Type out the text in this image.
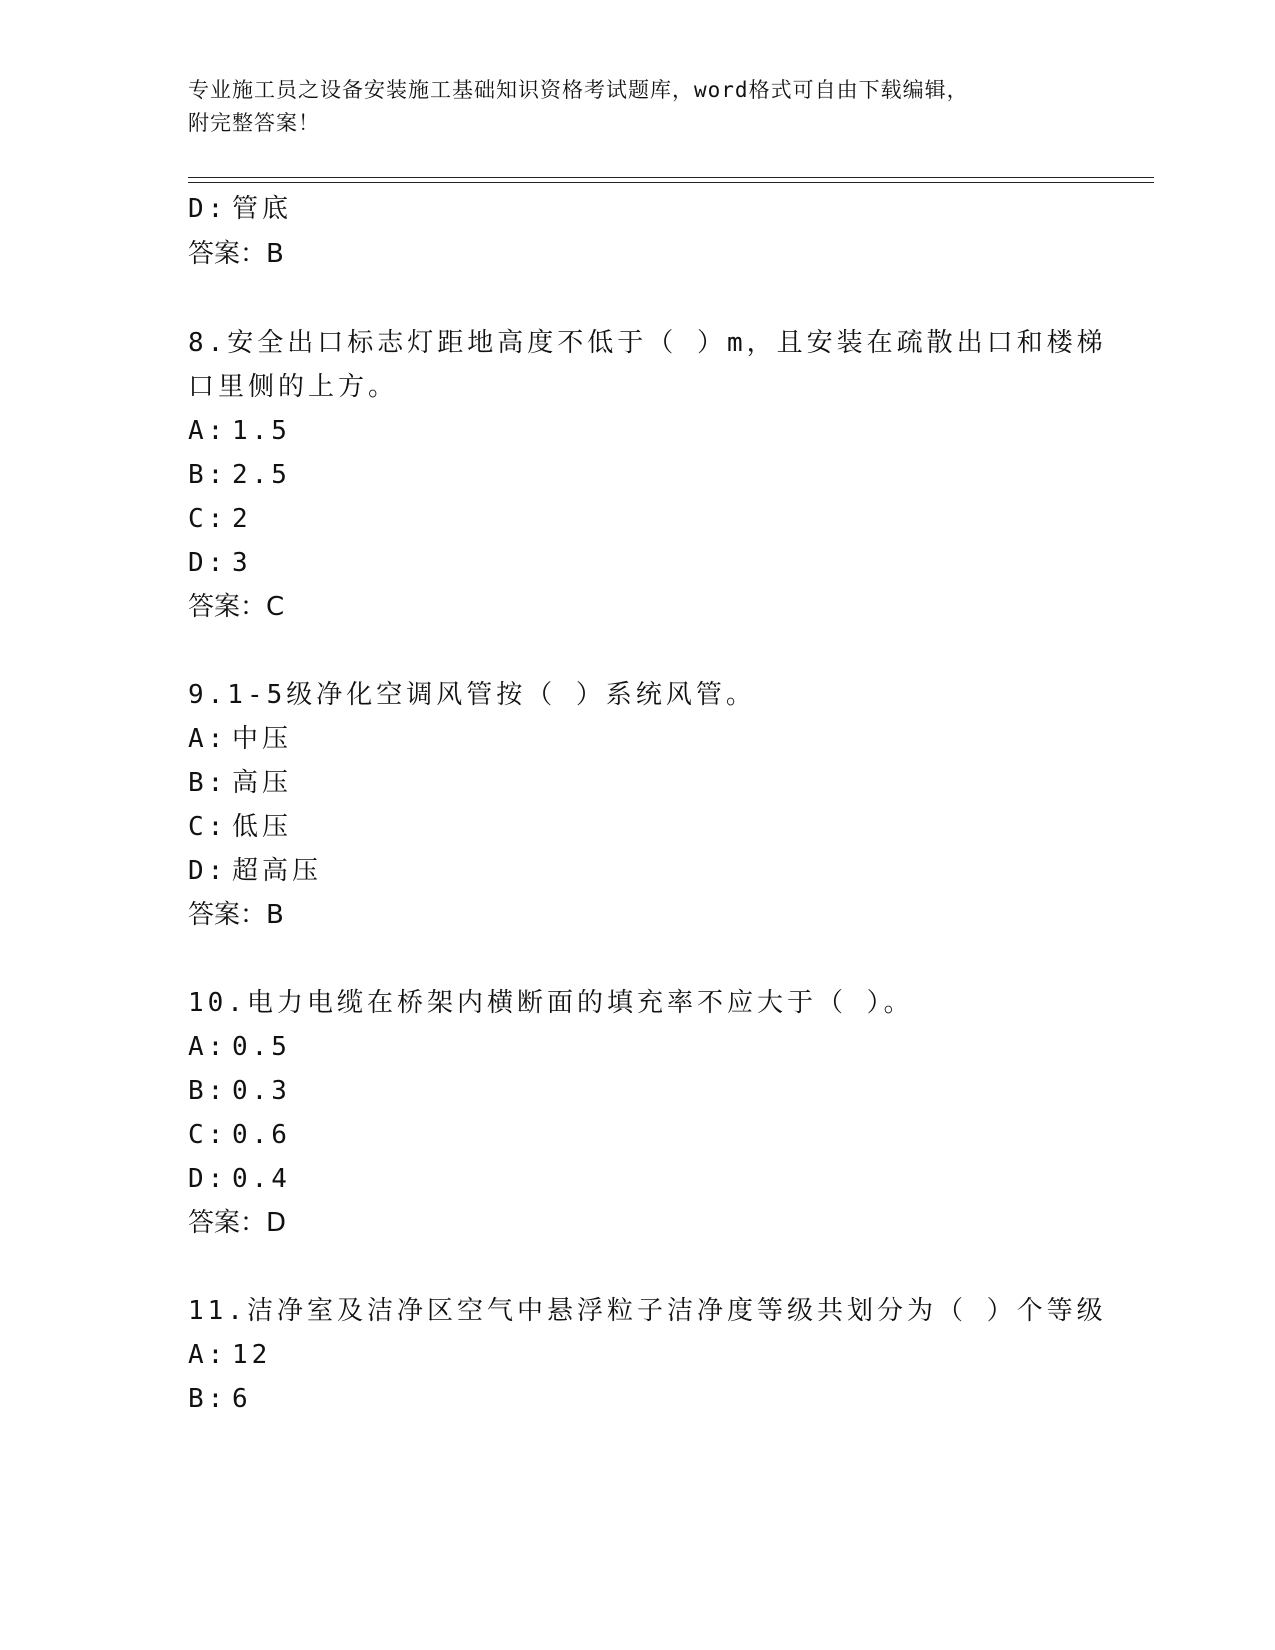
专业施工员之设备安装施工基础知识资格考试题库，word格式可自由下载编辑，
附完整答案！
D: 管底
答案：B
8.安全出口标志灯距地高度不低于（ ）m，且安装在疏散出口和楼梯
口里侧的上方。
A: 1.5
B: 2.5
C: 2
D: 3
答案：C
9.1-5级净化空调风管按（ ）系统风管。
A: 中压
B: 高压
C: 低压
D: 超高压
答案：B
10.电力电缆在桥架内横断面的填充率不应大于（ ）。
A: 0.5
B: 0.3
C: 0.6
D: 0.4
答案：D
11.洁净室及洁净区空气中悬浮粒子洁净度等级共划分为（ ）个等级
A: 12
B: 6
